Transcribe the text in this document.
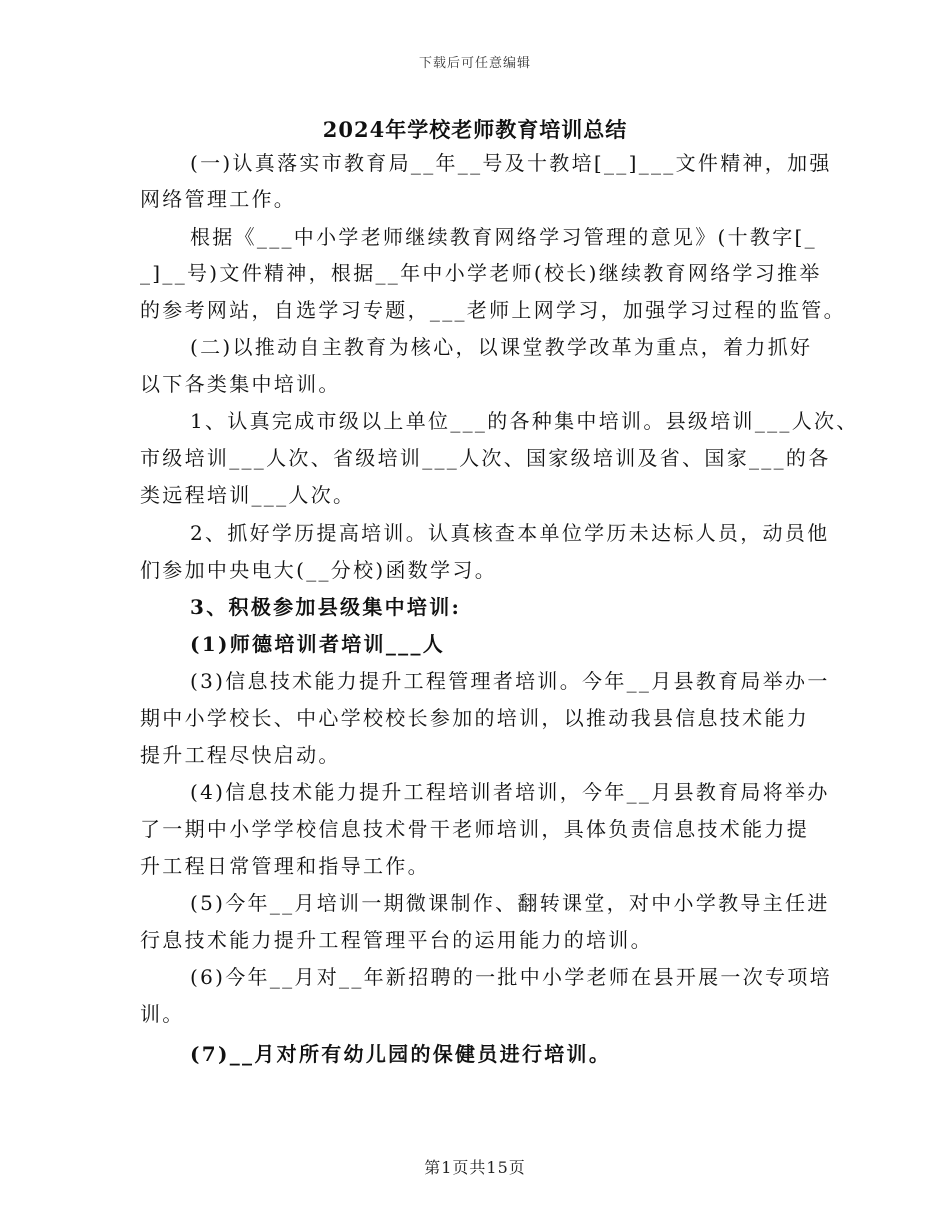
下载后可任意编辑
2024年学校老师教育培训总结
(一)认真落实市教育局__年__号及十教培[__]___文件精神，加强
网络管理工作。
根据《___中小学老师继续教育网络学习管理的意见》(十教字[_
_]__号)文件精神，根据__年中小学老师(校长)继续教育网络学习推举
的参考网站，自选学习专题，___老师上网学习，加强学习过程的监管。
(二)以推动自主教育为核心，以课堂教学改革为重点，着力抓好
以下各类集中培训。
1、认真完成市级以上单位___的各种集中培训。县级培训___人次、
市级培训___人次、省级培训___人次、国家级培训及省、国家___的各
类远程培训___人次。
2、抓好学历提高培训。认真核查本单位学历未达标人员，动员他
们参加中央电大(__分校)函数学习。
3、积极参加县级集中培训:
(1)师德培训者培训___人
(3)信息技术能力提升工程管理者培训。今年__月县教育局举办一
期中小学校长、中心学校校长参加的培训，以推动我县信息技术能力
提升工程尽快启动。
(4)信息技术能力提升工程培训者培训，今年__月县教育局将举办
了一期中小学学校信息技术骨干老师培训，具体负责信息技术能力提
升工程日常管理和指导工作。
(5)今年__月培训一期微课制作、翻转课堂，对中小学教导主任进
行息技术能力提升工程管理平台的运用能力的培训。
(6)今年__月对__年新招聘的一批中小学老师在县开展一次专项培
训。
(7)__月对所有幼儿园的保健员进行培训。
第1页共15页
